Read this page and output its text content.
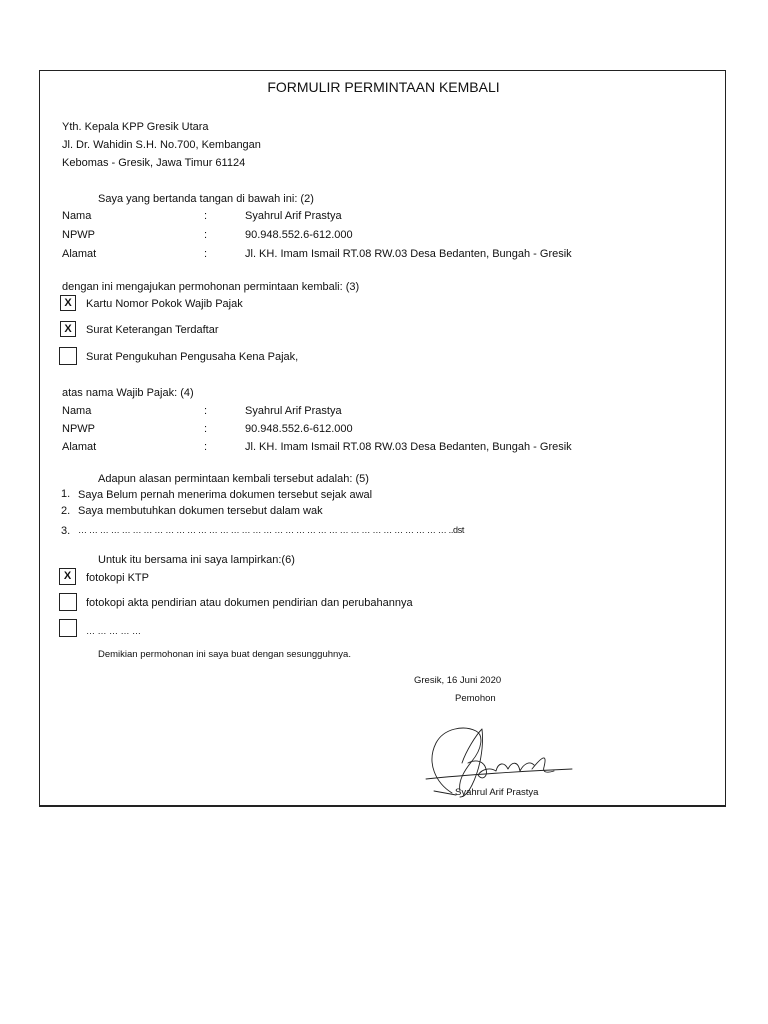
FORMULIR PERMINTAAN KEMBALI
Yth. Kepala KPP Gresik Utara
Jl. Dr. Wahidin S.H. No.700, Kembangan
Kebomas - Gresik, Jawa Timur 61124
Saya yang bertanda tangan di bawah ini: (2)
Nama	:	Syahrul Arif Prastya
NPWP	:	90.948.552.6-612.000
Alamat	:	Jl. KH. Imam Ismail RT.08 RW.03 Desa Bedanten, Bungah - Gresik
dengan ini mengajukan permohonan permintaan kembali: (3)
X	Kartu Nomor Pokok Wajib Pajak
X	Surat Keterangan Terdaftar
Surat Pengukuhan Pengusaha Kena Pajak,
atas nama Wajib Pajak: (4)
Nama	:	Syahrul Arif Prastya
NPWP	:	90.948.552.6-612.000
Alamat	:	Jl. KH. Imam Ismail RT.08 RW.03 Desa Bedanten, Bungah - Gresik
Adapun alasan permintaan kembali tersebut adalah: (5)
1. Saya Belum pernah menerima dokumen tersebut sejak awal
2. Saya membutuhkan dokumen tersebut dalam wak
3. … … … … … … … … … … … … … … … … … … … … … … … … … … … … … … … … … … ..dst
Untuk itu bersama ini saya lampirkan:(6)
X	fotokopi KTP
fotokopi akta pendirian atau dokumen pendirian dan perubahannya
… … … … …
Demikian permohonan ini saya buat dengan sesungguhnya.
Gresik, 16 Juni 2020
Pemohon
Syahrul Arif Prastya
